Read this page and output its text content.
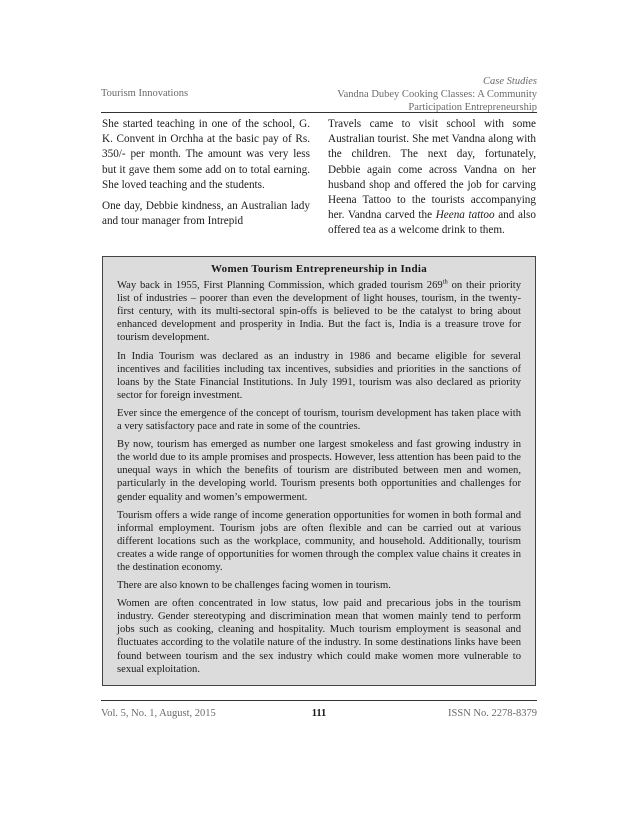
Tourism Innovations
Case Studies
Vandna Dubey Cooking Classes: A Community
Participation Entrepreneurship

She started teaching in one of the school, G. K. Convent in Orchha at the basic pay of Rs. 350/- per month. The amount was very less but it gave them some add on to total earning. She loved teaching and the students.

One day, Debbie kindness, an Australian lady and tour manager from Intrepid

Travels came to visit school with some Australian tourist. She met Vandna along with the children. The next day, fortunately, Debbie again come across Vandna on her husband shop and offered the job for carving Heena Tattoo to the tourists accompanying her. Vandna carved the Heena tattoo and also offered tea as a welcome drink to them.

Women Tourism Entrepreneurship in India

Way back in 1955, First Planning Commission, which graded tourism 269th on their priority list of industries – poorer than even the development of light houses, tourism, in the twenty- first century, with its multi-sectoral spin-offs is believed to be the catalyst to bring about enhanced development and prosperity in India. But the fact is, India is a treasure trove for tourism development.

In India Tourism was declared as an industry in 1986 and became eligible for several incentives and facilities including tax incentives, subsidies and priorities in the sanctions of loans by the State Financial Institutions. In July 1991, tourism was also declared as priority sector for foreign investment.

Ever since the emergence of the concept of tourism, tourism development has taken place with a very satisfactory pace and rate in some of the countries.

By now, tourism has emerged as number one largest smokeless and fast growing industry in the world due to its ample promises and prospects. However, less attention has been paid to the unequal ways in which the benefits of tourism are distributed between men and women, particularly in the developing world. Tourism presents both opportunities and challenges for gender equality and women’s empowerment.

Tourism offers a wide range of income generation opportunities for women in both formal and informal employment. Tourism jobs are often flexible and can be carried out at various different locations such as the workplace, community, and household. Additionally, tourism creates a wide range of opportunities for women through the complex value chains it creates in the destination economy.

There are also known to be challenges facing women in tourism.

Women are often concentrated in low status, low paid and precarious jobs in the tourism industry. Gender stereotyping and discrimination mean that women mainly tend to perform jobs such as cooking, cleaning and hospitality. Much tourism employment is seasonal and fluctuates according to the volatile nature of the industry. In some destinations links have been found between tourism and the sex industry which could make women more vulnerable to sexual exploitation.

Vol. 5, No. 1, August, 2015	111	ISSN No. 2278-8379
